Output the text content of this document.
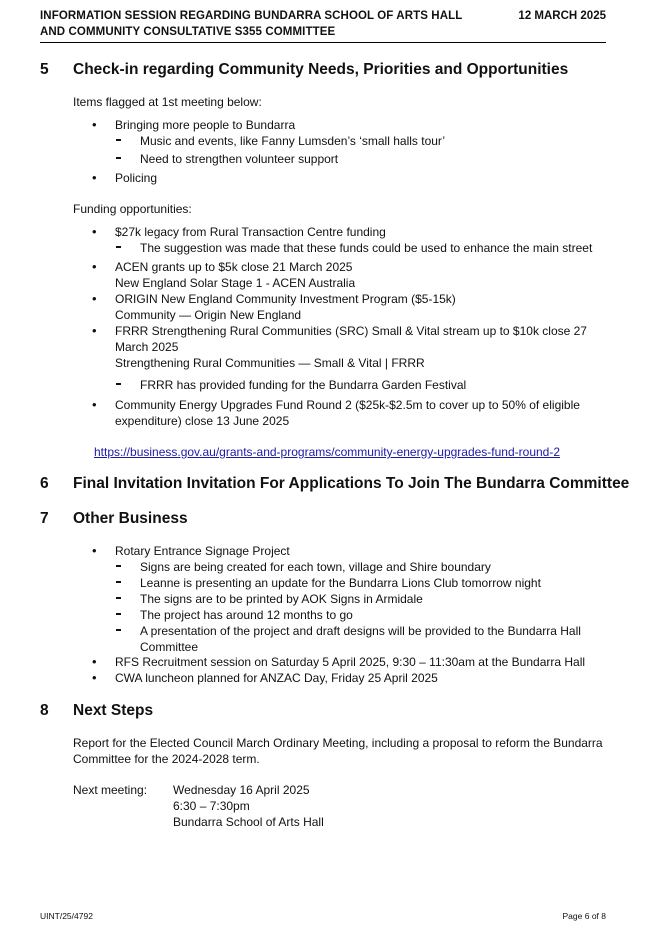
INFORMATION SESSION REGARDING BUNDARRA SCHOOL OF ARTS HALL AND COMMUNITY CONSULTATIVE S355 COMMITTEE
12 MARCH 2025
5 Check-in regarding Community Needs, Priorities and Opportunities
Items flagged at 1st meeting below:
• Bringing more people to Bundarra
Music and events, like Fanny Lumsden’s ‘small halls tour’
Need to strengthen volunteer support
• Policing
Funding opportunities:
• $27k legacy from Rural Transaction Centre funding
The suggestion was made that these funds could be used to enhance the main street
• ACEN grants up to $5k close 21 March 2025
New England Solar Stage 1 - ACEN Australia
• ORIGIN New England Community Investment Program ($5-15k)
Community — Origin New England
• FRRR Strengthening Rural Communities (SRC) Small & Vital stream up to $10k close 27 March 2025
Strengthening Rural Communities — Small & Vital | FRRR
FRRR has provided funding for the Bundarra Garden Festival
• Community Energy Upgrades Fund Round 2 ($25k-$2.5m to cover up to 50% of eligible expenditure) close 13 June 2025
https://business.gov.au/grants-and-programs/community-energy-upgrades-fund-round-2
6 Final Invitation Invitation For Applications To Join The Bundarra Committee
7 Other Business
• Rotary Entrance Signage Project
Signs are being created for each town, village and Shire boundary
Leanne is presenting an update for the Bundarra Lions Club tomorrow night
The signs are to be printed by AOK Signs in Armidale
The project has around 12 months to go
A presentation of the project and draft designs will be provided to the Bundarra Hall Committee
• RFS Recruitment session on Saturday 5 April 2025, 9:30 – 11:30am at the Bundarra Hall
• CWA luncheon planned for ANZAC Day, Friday 25 April 2025
8 Next Steps
Report for the Elected Council March Ordinary Meeting, including a proposal to reform the Bundarra Committee for the 2024-2028 term.
Next meeting: Wednesday 16 April 2025
6:30 – 7:30pm
Bundarra School of Arts Hall
UINT/25/4792	Page 6 of 8
